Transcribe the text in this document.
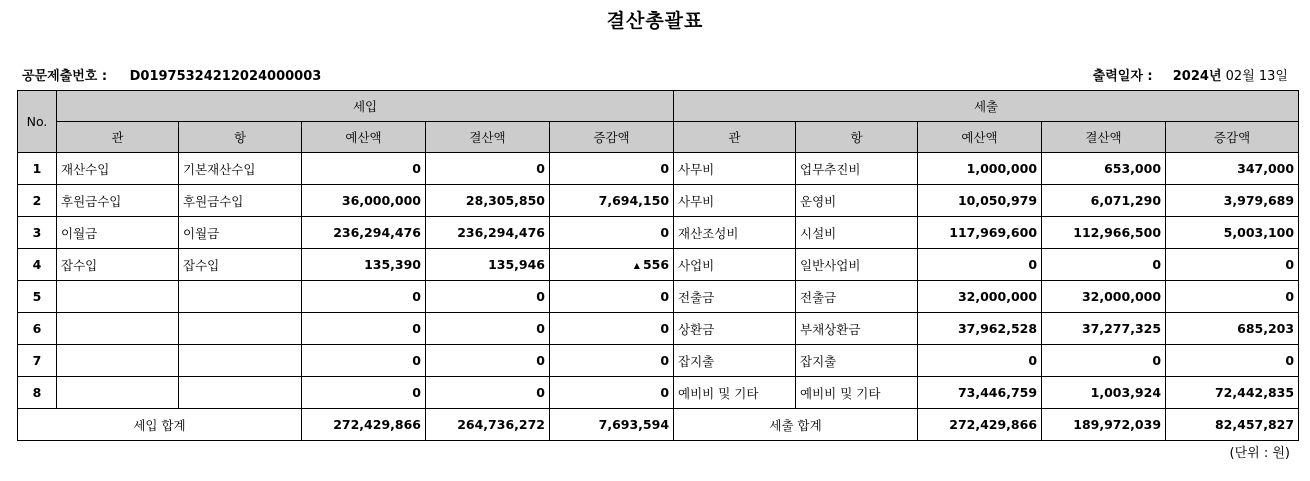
결산총괄표
공문제출번호 : D01975324212024000003	출력일자 : 2024년 02월 13일
No.	세입					세출				
	관	항	예산액	결산액	증감액	관	항	예산액	결산액	증감액
1	재산수입	기본재산수입	0	0	0	사무비	업무추진비	1,000,000	653,000	347,000
2	후원금수입	후원금수입	36,000,000	28,305,850	7,694,150	사무비	운영비	10,050,979	6,071,290	3,979,689
3	이월금	이월금	236,294,476	236,294,476	0	재산조성비	시설비	117,969,600	112,966,500	5,003,100
4	잡수입	잡수입	135,390	135,946	▲ 556	사업비	일반사업비	0	0	0
5			0	0	0	전출금	전출금	32,000,000	32,000,000	0
6			0	0	0	상환금	부채상환금	37,962,528	37,277,325	685,203
7			0	0	0	잡지출	잡지출	0	0	0
8			0	0	0	예비비 및 기타	예비비 및 기타	73,446,759	1,003,924	72,442,835
세입 합계			272,429,866	264,736,272	7,693,594	세출 합계		272,429,866	189,972,039	82,457,827
(단위 : 원)
